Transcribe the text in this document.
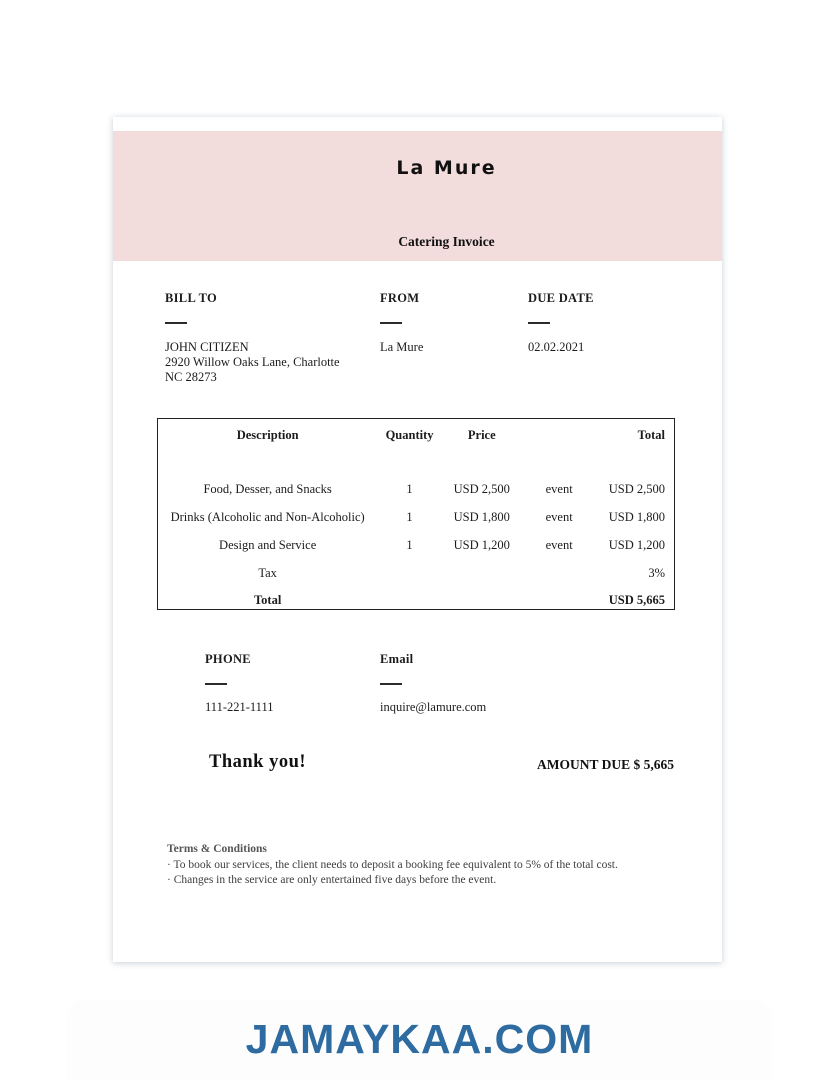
La Mure
Catering Invoice
BILL TO
JOHN CITIZEN
2920 Willow Oaks Lane, Charlotte
NC 28273
FROM
La Mure
DUE DATE
02.02.2021
Description	Quantity	Price		Total

Food, Desser, and Snacks	1	USD 2,500	event	USD 2,500
Drinks (Alcoholic and Non-Alcoholic)	1	USD 1,800	event	USD 1,800
Design and Service	1	USD 1,200	event	USD 1,200
Tax				3%
Total				USD 5,665
PHONE
111-221-1111
Email
inquire@lamure.com
Thank you!	AMOUNT DUE $ 5,665
Terms & Conditions
· To book our services, the client needs to deposit a booking fee equivalent to 5% of the total cost.
· Changes in the service are only entertained five days before the event.
JAMAYKAA.COM
